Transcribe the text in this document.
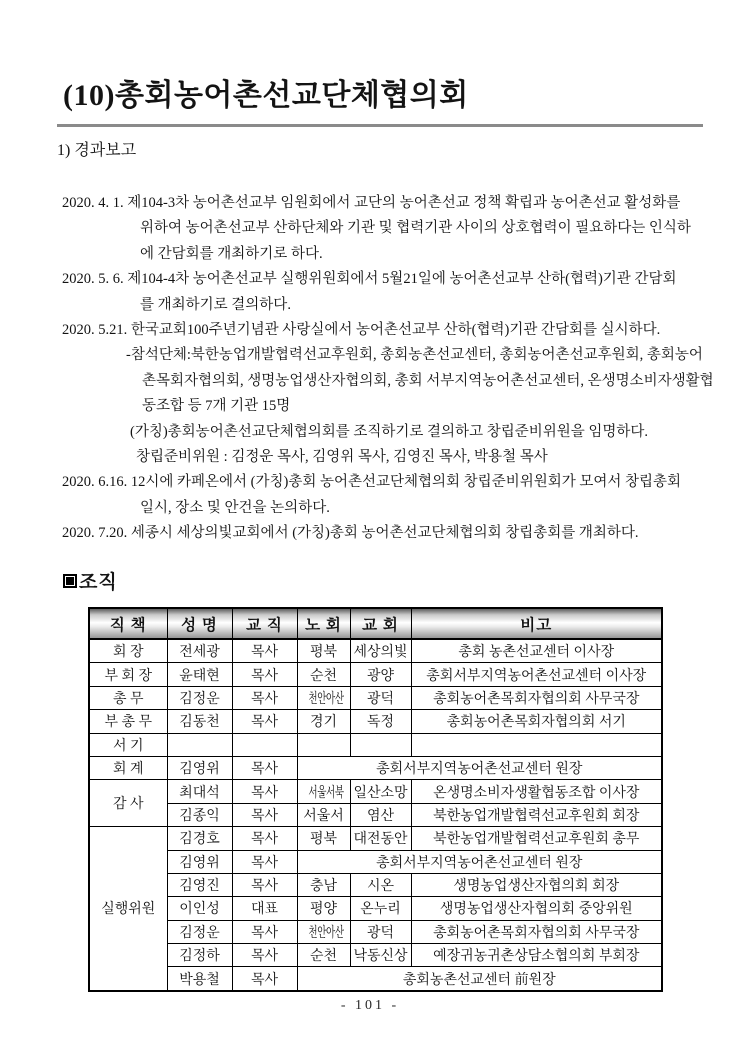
(10)총회농어촌선교단체협의회
1) 경과보고
2020. 4. 1. 제104-3차 농어촌선교부 임원회에서 교단의 농어촌선교 정책 확립과 농어촌선교 활성화를
위하여 농어촌선교부 산하단체와 기관 및 협력기관 사이의 상호협력이 필요하다는 인식하
에 간담회를 개최하기로 하다.
2020. 5. 6. 제104-4차 농어촌선교부 실행위원회에서 5월21일에 농어촌선교부 산하(협력)기관 간담회
를 개최하기로 결의하다.
2020. 5.21. 한국교회100주년기념관 사랑실에서 농어촌선교부 산하(협력)기관 간담회를 실시하다.
-참석단체:북한농업개발협력선교후원회, 총회농촌선교센터, 총회농어촌선교후원회, 총회농어
촌목회자협의회, 생명농업생산자협의회, 총회 서부지역농어촌선교센터, 온생명소비자생활협
동조합 등 7개 기관 15명
(가칭)총회농어촌선교단체협의회를 조직하기로 결의하고 창립준비위원을 임명하다.
창립준비위원 : 김정운 목사, 김영위 목사, 김영진 목사, 박용철 목사
2020. 6.16. 12시에 카페온에서 (가칭)총회 농어촌선교단체협의회 창립준비위원회가 모여서 창립총회
일시, 장소 및 안건을 논의하다.
2020. 7.20. 세종시 세상의빛교회에서 (가칭)총회 농어촌선교단체협의회 창립총회를 개최하다.
조직
직 책	성 명	교 직	노 회	교 회	비고
회 장	전세광	목사	평북	세상의빛	총회 농촌선교센터 이사장
부 회 장	윤태현	목사	순천	광양	총회서부지역농어촌선교센터 이사장
총 무	김정운	목사	천안아산	광덕	총회농어촌목회자협의회 사무국장
부 총 무	김동천	목사	경기	독정	총회농어촌목회자협의회 서기
서 기					
회 계	김영위	목사	총회서부지역농어촌선교센터 원장		
감 사	최대석	목사	서울서북	일산소망	온생명소비자생활협동조합 이사장
	김종익	목사	서울서	염산	북한농업개발협력선교후원회 회장
실행위원	김경호	목사	평북	대전동안	북한농업개발협력선교후원회 총무
	김영위	목사	총회서부지역농어촌선교센터 원장		
	김영진	목사	충남	시온	생명농업생산자협의회 회장
	이인성	대표	평양	온누리	생명농업생산자협의회 중앙위원
	김정운	목사	천안아산	광덕	총회농어촌목회자협의회 사무국장
	김정하	목사	순천	낙동신상	예장귀농귀촌상담소협의회 부회장
	박용철	목사	총회농촌선교센터 前원장		
- 101 -
